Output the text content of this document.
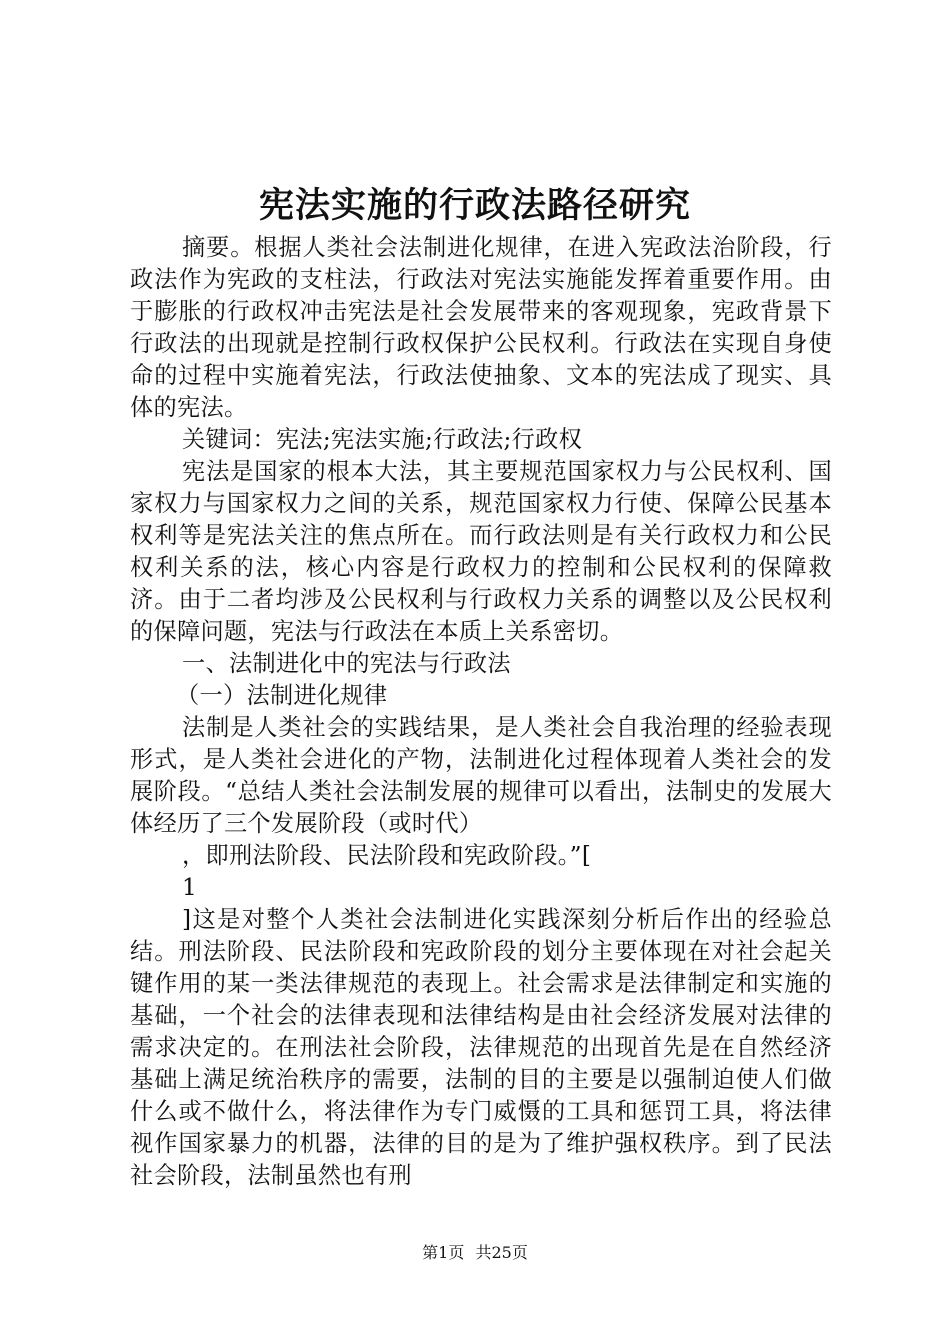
宪法实施的行政法路径研究

摘要。根据人类社会法制进化规律，在进入宪政法治阶段，行政法作为宪政的支柱法，行政法对宪法实施能发挥着重要作用。由于膨胀的行政权冲击宪法是社会发展带来的客观现象，宪政背景下行政法的出现就是控制行政权保护公民权利。行政法在实现自身使命的过程中实施着宪法，行政法使抽象、文本的宪法成了现实、具体的宪法。

关键词：宪法;宪法实施;行政法;行政权

宪法是国家的根本大法，其主要规范国家权力与公民权利、国家权力与国家权力之间的关系，规范国家权力行使、保障公民基本权利等是宪法关注的焦点所在。而行政法则是有关行政权力和公民权利关系的法，核心内容是行政权力的控制和公民权利的保障救济。由于二者均涉及公民权利与行政权力关系的调整以及公民权利的保障问题，宪法与行政法在本质上关系密切。

一、法制进化中的宪法与行政法

（一）法制进化规律

法制是人类社会的实践结果，是人类社会自我治理的经验表现形式，是人类社会进化的产物，法制进化过程体现着人类社会的发展阶段。“总结人类社会法制发展的规律可以看出，法制史的发展大体经历了三个发展阶段（或时代）

，即刑法阶段、民法阶段和宪政阶段。”[

1

]这是对整个人类社会法制进化实践深刻分析后作出的经验总结。刑法阶段、民法阶段和宪政阶段的划分主要体现在对社会起关键作用的某一类法律规范的表现上。社会需求是法律制定和实施的基础，一个社会的法律表现和法律结构是由社会经济发展对法律的需求决定的。在刑法社会阶段，法律规范的出现首先是在自然经济基础上满足统治秩序的需要，法制的目的主要是以强制迫使人们做什么或不做什么，将法律作为专门威慑的工具和惩罚工具，将法律视作国家暴力的机器，法律的目的是为了维护强权秩序。到了民法社会阶段，法制虽然也有刑

第1页 共25页
